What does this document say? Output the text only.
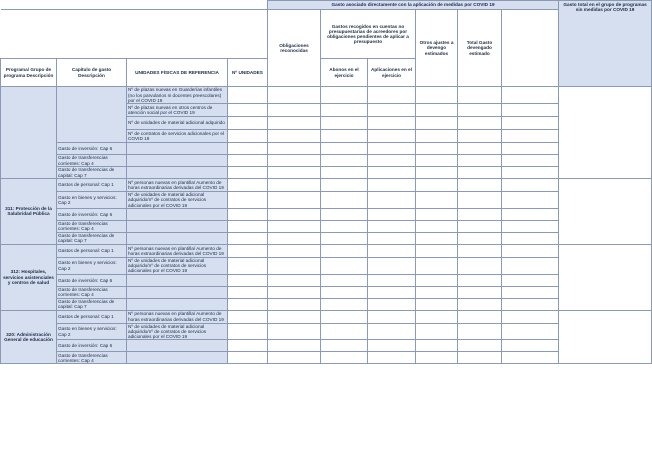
				Gasto asociado directamente con la aplicación de medidas por COVID 19						Gasto total en el grupo de programas sin medidas por COVID 19	
				Obligaciones reconocidas	Gastos recogidos en cuentas no presupuestarias de acreedores por obligaciones pendientes de aplicar a presupuesto		Otros ajustes a devengo estimados	Total Gasto devengado estimado			
Programa/ Grupo de programa Descripción	Capítulo de gasto Descripción	UNIDADES FÍSICAS DE REFERENCIA	Nº UNIDADES		Abonos en el ejercicio	Aplicaciones en el ejercicio					
		Nº de plazas nuevas en Guarderías infantiles (no los parvularios ni docentes preescolares) por el COVID 19									
		Nº de plazas nuevas en otros centros de atención social por el COVID 19									
		Nº de unidades de material adicional adquirido									
		Nº de contratos de servicios adicionales por el COVID 19									
	Gasto de inversión: Cap 6										
	Gasto de transferencias corrientes: Cap 4										
	Gasto de transferencias de capital: Cap 7										
311: Protección de la Salubridad Pública	Gastos de personal: Cap 1	Nº personas nuevas en plantilla/ Aumento de horas extraordinarias derivadas del COVID 19									
	Gasto en bienes y servicios: Cap 2	Nº de unidades de material adicional adquirido/nº de contratos de servicios adicionales por el COVID 19									
	Gasto de inversión: Cap 6										
	Gasto de transferencias corrientes: Cap 4										
	Gasto de transferencias de capital: Cap 7										
312: Hospitales, servicios asistenciales y centros de salud	Gastos de personal: Cap 1	Nº personas nuevas en plantilla/ Aumento de horas extraordinarias derivadas del COVID 19									
	Gasto en bienes y servicios: Cap 2	Nº de unidades de material adicional adquirido/nº de contratos de servicios adicionales por el COVID 19									
	Gasto de inversión: Cap 6										
	Gasto de transferencias corrientes: Cap 4										
	Gasto de transferencias de capital: Cap 7										
320: Administración General de educación	Gastos de personal: Cap 1	Nº personas nuevas en plantilla/ Aumento de horas extraordinarias derivadas del COVID 19									
	Gasto en bienes y servicios: Cap 2	Nº de unidades de material adicional adquirido/nº de contratos de servicios adicionales por el COVID 19									
	Gasto de inversión: Cap 6										
	Gasto de transferencias corrientes: Cap 4										
